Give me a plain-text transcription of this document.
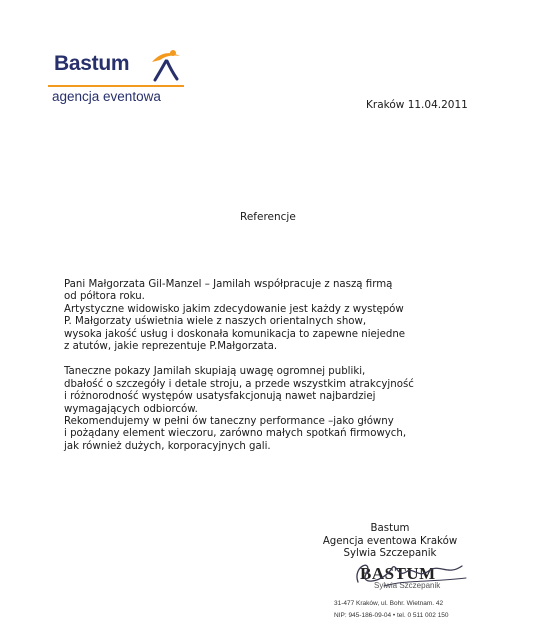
Bastum
agencja eventowa
Kraków 11.04.2011
Referencje
Pani Małgorzata Gil-Manzel – Jamilah współpracuje z naszą firmą
od półtora roku.
Artystyczne widowisko jakim zdecydowanie jest każdy z występów
P. Małgorzaty uświetnia wiele z naszych orientalnych show,
wysoka jakość usług i doskonała komunikacja to zapewne niejedne
z atutów, jakie reprezentuje P.Małgorzata.
Taneczne pokazy Jamilah skupiają uwagę ogromnej publiki,
dbałość o szczegóły i detale stroju, a przede wszystkim atrakcyjność
i różnorodność występów usatysfakcjonują nawet najbardziej
wymagających odbiorców.
Rekomendujemy w pełni ów taneczny performance –jako główny
i pożądany element wieczoru, zarówno małych spotkań firmowych,
jak również dużych, korporacyjnych gali.
Bastum
Agencja eventowa Kraków
Sylwia Szczepanik
BASTUM
Sylwia Szczepanik
31-477 Kraków, ul. Bohr. Wietnam. 42
NIP: 945-186-09-04 • tel. 0 511 002 150
